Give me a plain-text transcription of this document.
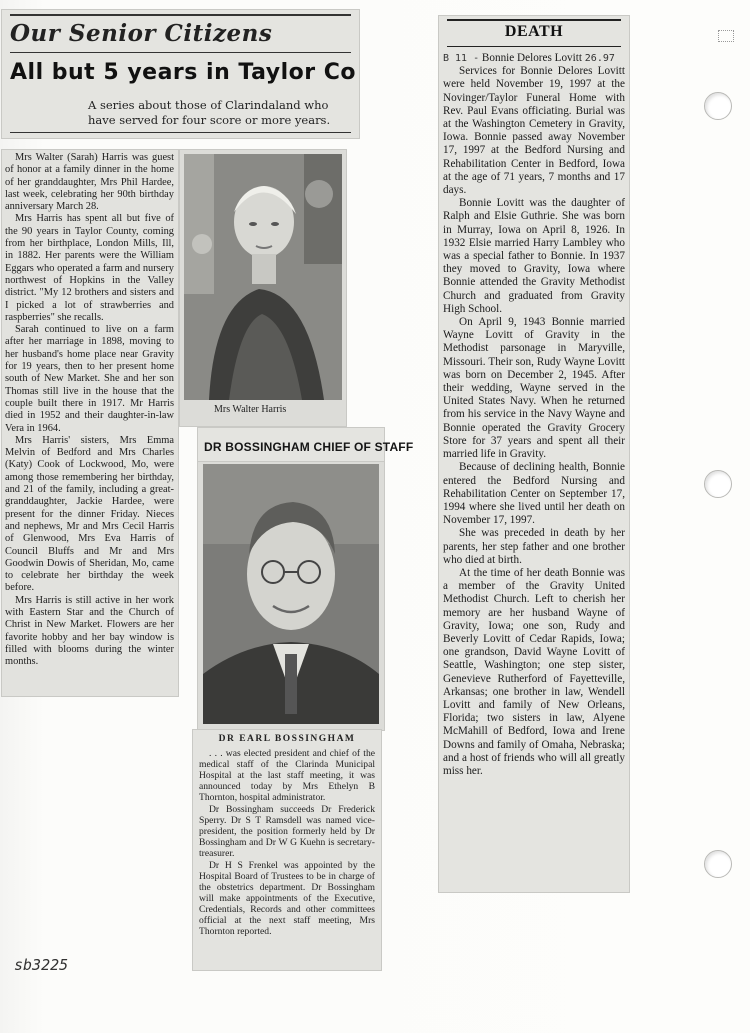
Our Senior Citizens
All but 5 years in Taylor Co
A series about those of Clarindaland who have served for four score or more years.

Mrs Walter (Sarah) Harris was guest of honor at a family dinner in the home of her granddaughter, Mrs Phil Hardee, last week, celebrating her 90th birthday anniversary March 28.

Mrs Harris has spent all but five of the 90 years in Taylor County, coming from her birthplace, London Mills, Ill, in 1882. Her parents were the William Eggars who operated a farm and nursery northwest of Hopkins in the Valley district. "My 12 brothers and sisters and I picked a lot of strawberries and raspberries" she recalls.

Sarah continued to live on a farm after her marriage in 1898, moving to her husband's home place near Gravity for 19 years, then to her present home south of New Market. She and her son Thomas still live in the house that the couple built there in 1917. Mr Harris died in 1952 and their daughter-in-law Vera in 1964.

Mrs Harris' sisters, Mrs Emma Melvin of Bedford and Mrs Charles (Katy) Cook of Lockwood, Mo, were among those remembering her birthday, and 21 of the family, including a great-granddaughter, Jackie Hardee, were present for the dinner Friday. Nieces and nephews, Mr and Mrs Cecil Harris of Glenwood, Mrs Eva Harris of Council Bluffs and Mr and Mrs Goodwin Dowis of Sheridan, Mo, came to celebrate her birthday the week before.

Mrs Harris is still active in her work with Eastern Star and the Church of Christ in New Market. Flowers are her favorite hobby and her bay window is filled with blooms during the winter months.

Mrs Walter Harris
DR BOSSINGHAM CHIEF OF STAFF
DR EARL BOSSINGHAM

. . . was elected president and chief of the medical staff of the Clarinda Municipal Hospital at the last staff meeting, it was announced today by Mrs Ethelyn B Thornton, hospital administrator.

Dr Bossingham succeeds Dr Frederick Sperry. Dr S T Ramsdell was named vice-president, the position formerly held by Dr Bossingham and Dr W G Kuehn is secretary-treasurer.

Dr H S Frenkel was appointed by the Hospital Board of Trustees to be in charge of the obstetrics department. Dr Bossingham will make appointments of the Executive, Credentials, Records and other committees official at the next staff meeting, Mrs Thornton reported.

DEATH

B 11 - Bonnie Delores Lovitt 26.97

Services for Bonnie Delores Lovitt were held November 19, 1997 at the Novinger/Taylor Funeral Home with Rev. Paul Evans officiating. Burial was at the Washington Cemetery in Gravity, Iowa. Bonnie passed away November 17, 1997 at the Bedford Nursing and Rehabilitation Center in Bedford, Iowa at the age of 71 years, 7 months and 17 days.

Bonnie Lovitt was the daughter of Ralph and Elsie Guthrie. She was born in Murray, Iowa on April 8, 1926. In 1932 Elsie married Harry Lambley who was a special father to Bonnie. In 1937 they moved to Gravity, Iowa where Bonnie attended the Gravity Methodist Church and graduated from Gravity High School.

On April 9, 1943 Bonnie married Wayne Lovitt of Gravity in the Methodist parsonage in Maryville, Missouri. Their son, Rudy Wayne Lovitt was born on December 2, 1945. After their wedding, Wayne served in the United States Navy. When he returned from his service in the Navy Wayne and Bonnie operated the Gravity Grocery Store for 37 years and spent all their married life in Gravity.

Because of declining health, Bonnie entered the Bedford Nursing and Rehabilitation Center on September 17, 1994 where she lived until her death on November 17, 1997.

She was preceded in death by her parents, her step father and one brother who died at birth.

At the time of her death Bonnie was a member of the Gravity United Methodist Church. Left to cherish her memory are her husband Wayne of Gravity, Iowa; one son, Rudy and Beverly Lovitt of Cedar Rapids, Iowa; one grandson, David Wayne Lovitt of Seattle, Washington; one step sister, Genevieve Rutherford of Fayetteville, Arkansas; one brother in law, Wendell Lovitt and family of New Orleans, Florida; two sisters in law, Alyene McMahill of Bedford, Iowa and Irene Downs and family of Omaha, Nebraska; and a host of friends who will all greatly miss her.

sb3225
